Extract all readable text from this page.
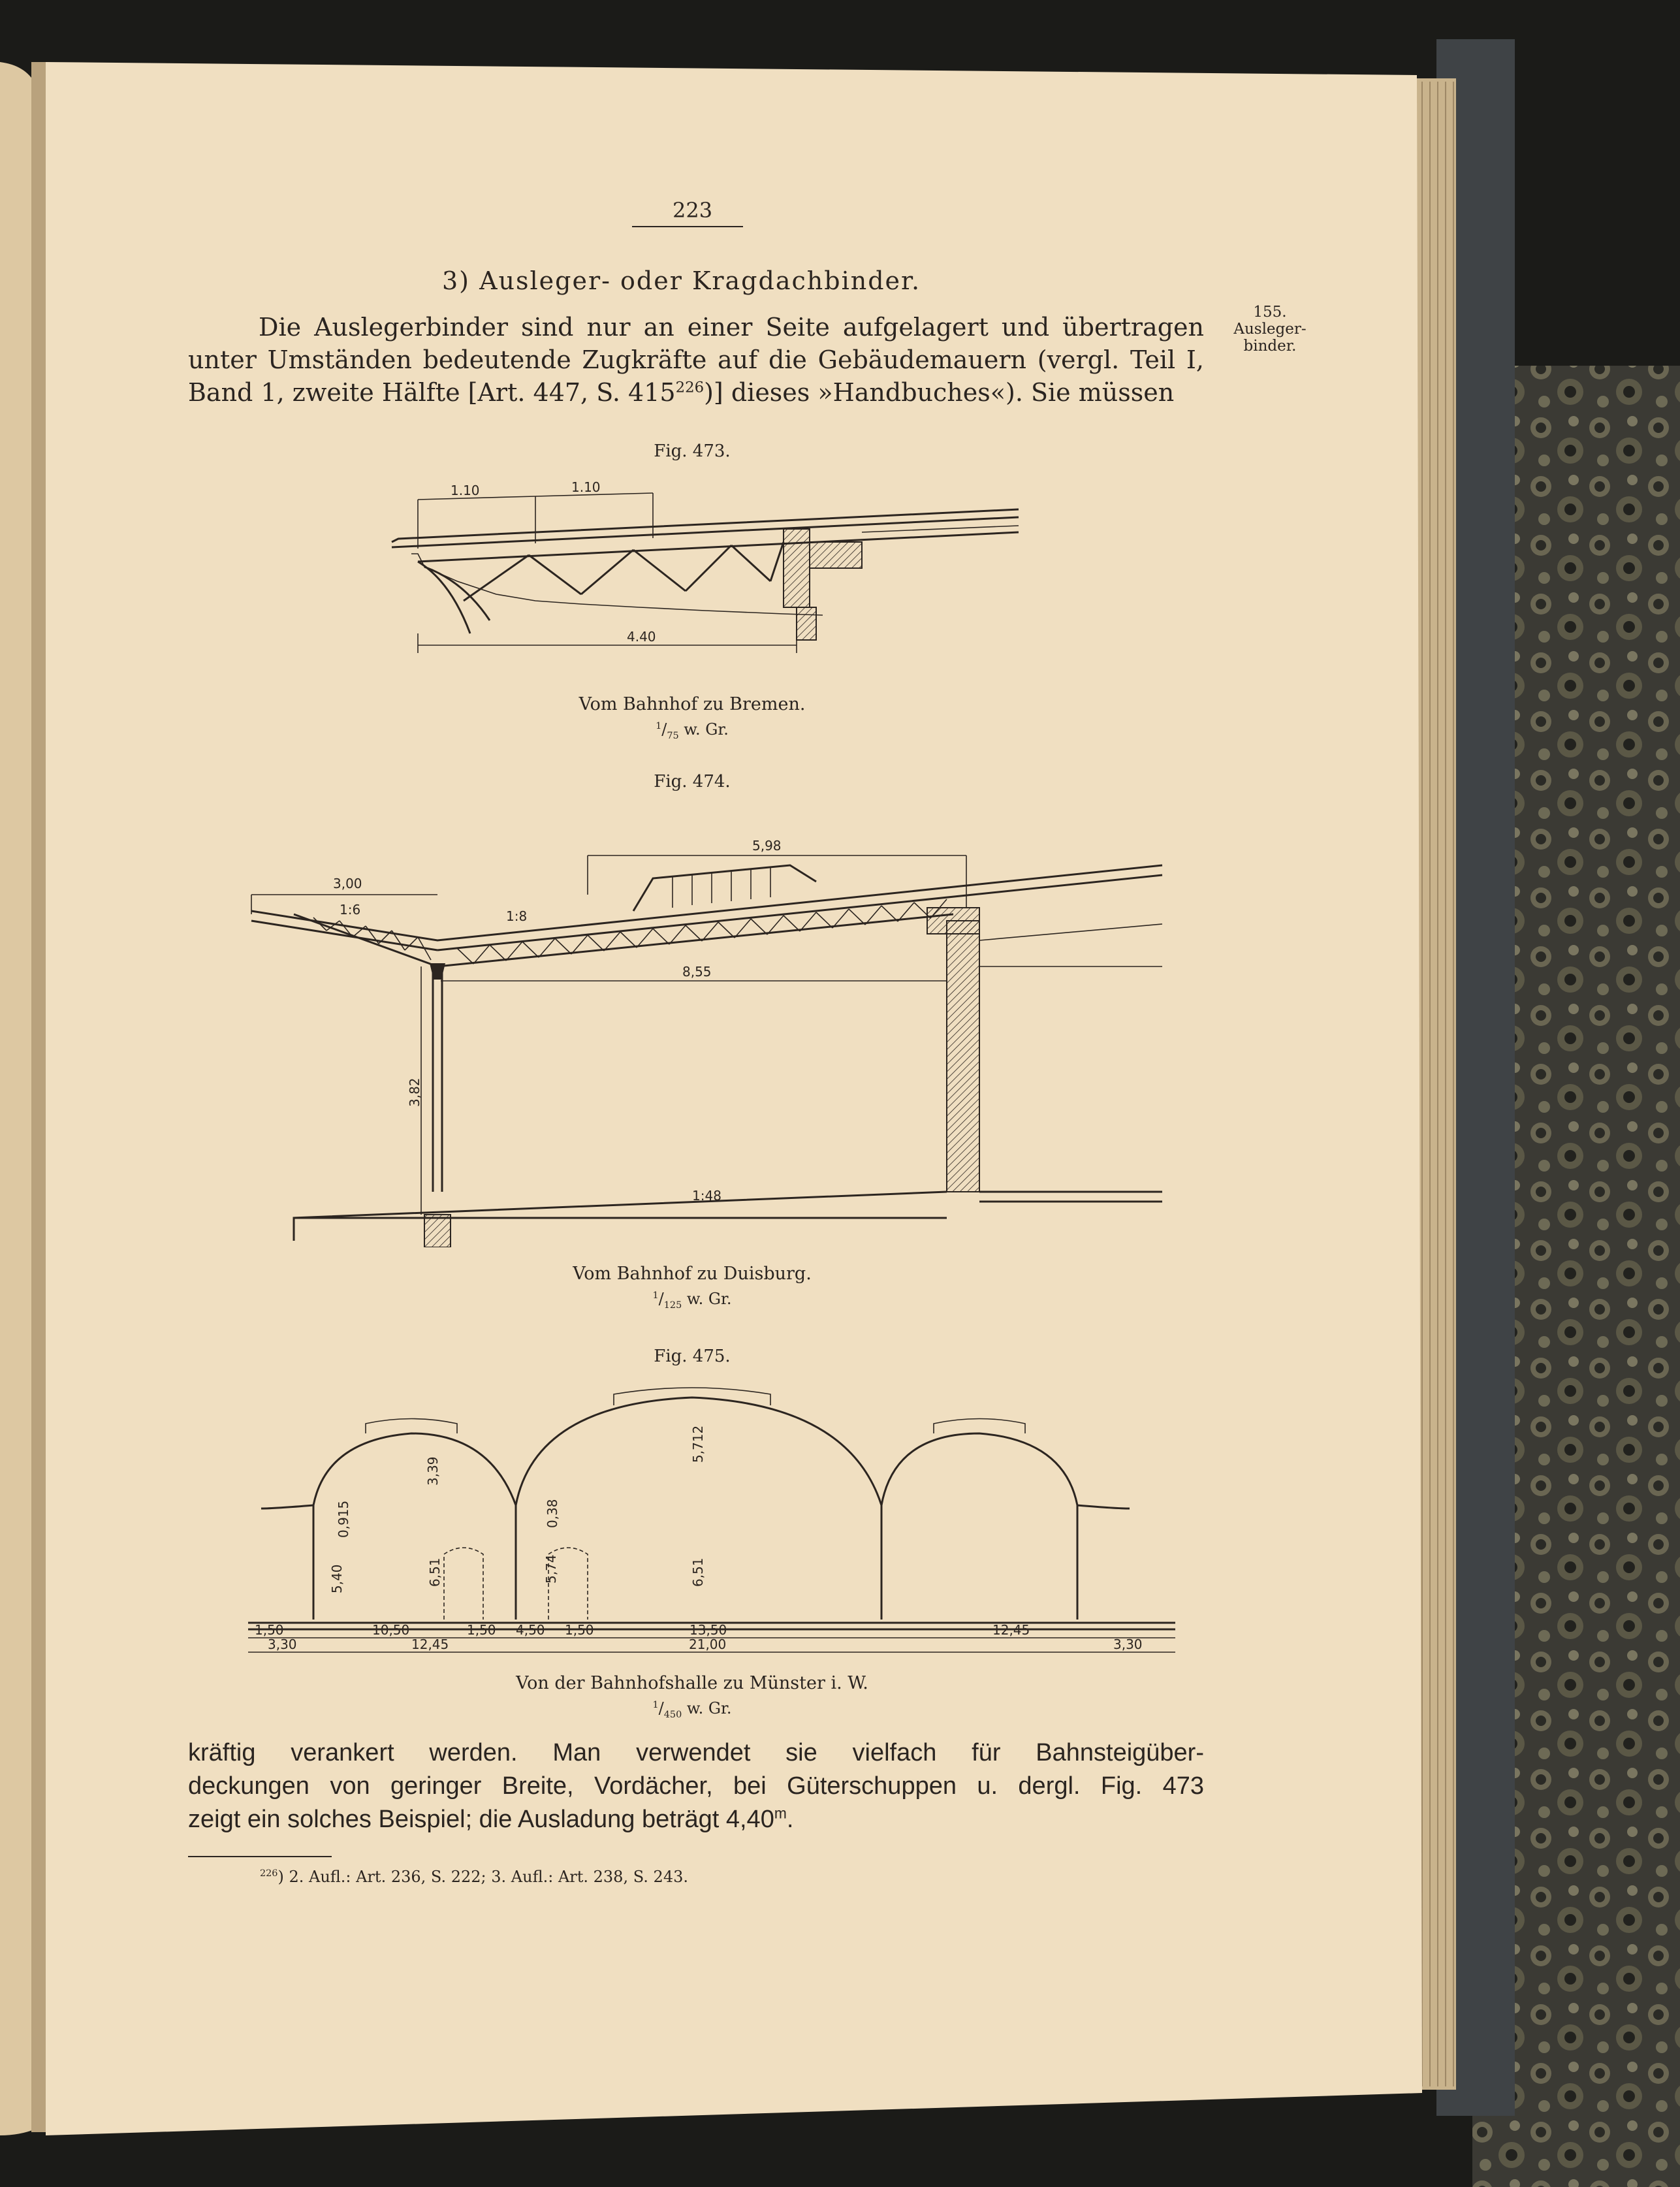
223
3) Ausleger- oder Kragdachbinder.
155.
Ausleger-
binder.
Die Auslegerbinder sind nur an einer Seite aufgelagert und übertragen
unter Umständen bedeutende Zugkräfte auf die Gebäudemauern (vergl. Teil I,
Band 1, zweite Hälfte [Art. 447, S. $415^{226}$)] dieses »Handbuches«). Sie müssen
Fig. 473.
1.10	1.10
4.40
Vom Bahnhof zu Bremen.
$^1/_{75}$ w. Gr.
Fig. 474.
5,98
3,00
1:6	1:8
8,55
3,82
1:48
Vom Bahnhof zu Duisburg.
$^1/_{125}$ w. Gr.
Fig. 475.
3,39
5,712
0,915	0,38
5,40	6,51	5,74	6,51
1,50	10,50	1,50 4,50 1,50	13,50	12,45
3,30	12,45	21,00	3,30
Von der Bahnhofshalle zu Münster i. W.
$^1/_{450}$ w. Gr.
kräftig verankert werden. Man verwendet sie vielfach für Bahnsteigüber-
deckungen von geringer Breite, Vordächer, bei Güterschuppen u. dergl. Fig. 473
zeigt ein solches Beispiel; die Ausladung beträgt 4,40$^m$.
$^{226}$) 2. Aufl.: Art. 236, S. 222; 3. Aufl.: Art. 238, S. 243.
